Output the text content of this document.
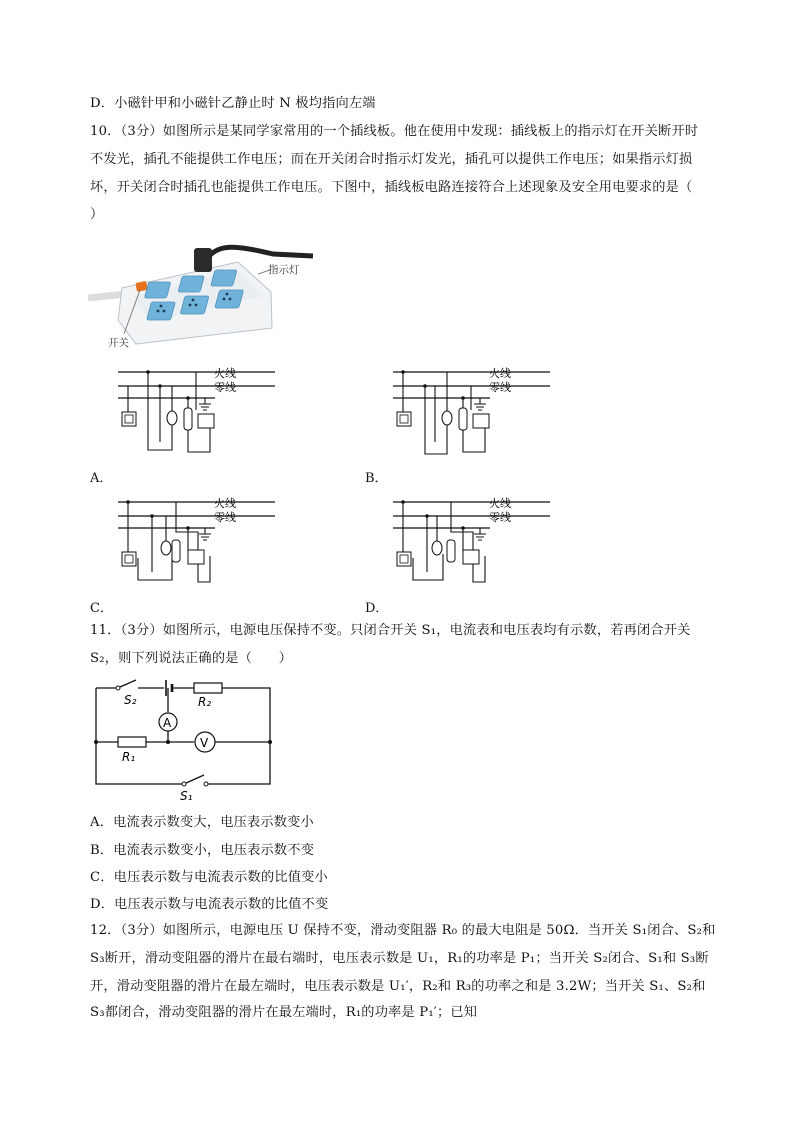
D．小磁针甲和小磁针乙静止时 N 极均指向左端
10．（3分）如图所示是某同学家常用的一个插线板。他在使用中发现：插线板上的指示灯在开关断开时
不发光，插孔不能提供工作电压；而在开关闭合时指示灯发光，插孔可以提供工作电压；如果指示灯损
坏，开关闭合时插孔也能提供工作电压。下图中，插线板电路连接符合上述现象及安全用电要求的是（
）
指示灯
开关
火线
零线
A．
火线
零线
B．
火线
零线
C．
火线
零线
D．
11．（3分）如图所示，电源电压保持不变。只闭合开关 S₁，电流表和电压表均有示数，若再闭合开关
S₂，则下列说法正确的是（　　）
A
V
S₂	R₂
R₁
S₁
A．电流表示数变大，电压表示数变小
B．电流表示数变小，电压表示数不变
C．电压表示数与电流表示数的比值变小
D．电压表示数与电流表示数的比值不变
12．（3分）如图所示，电源电压 U 保持不变，滑动变阻器 R₀ 的最大电阻是 50Ω．当开关 S₁闭合、S₂和
S₃断开，滑动变阻器的滑片在最右端时，电压表示数是 U₁，R₁的功率是 P₁；当开关 S₂闭合、S₁和 S₃断
开，滑动变阻器的滑片在最左端时，电压表示数是 U₁′，R₂和 R₃的功率之和是 3.2W；当开关 S₁、S₂和
S₃都闭合，滑动变阻器的滑片在最左端时，R₁的功率是 P₁′；已知
